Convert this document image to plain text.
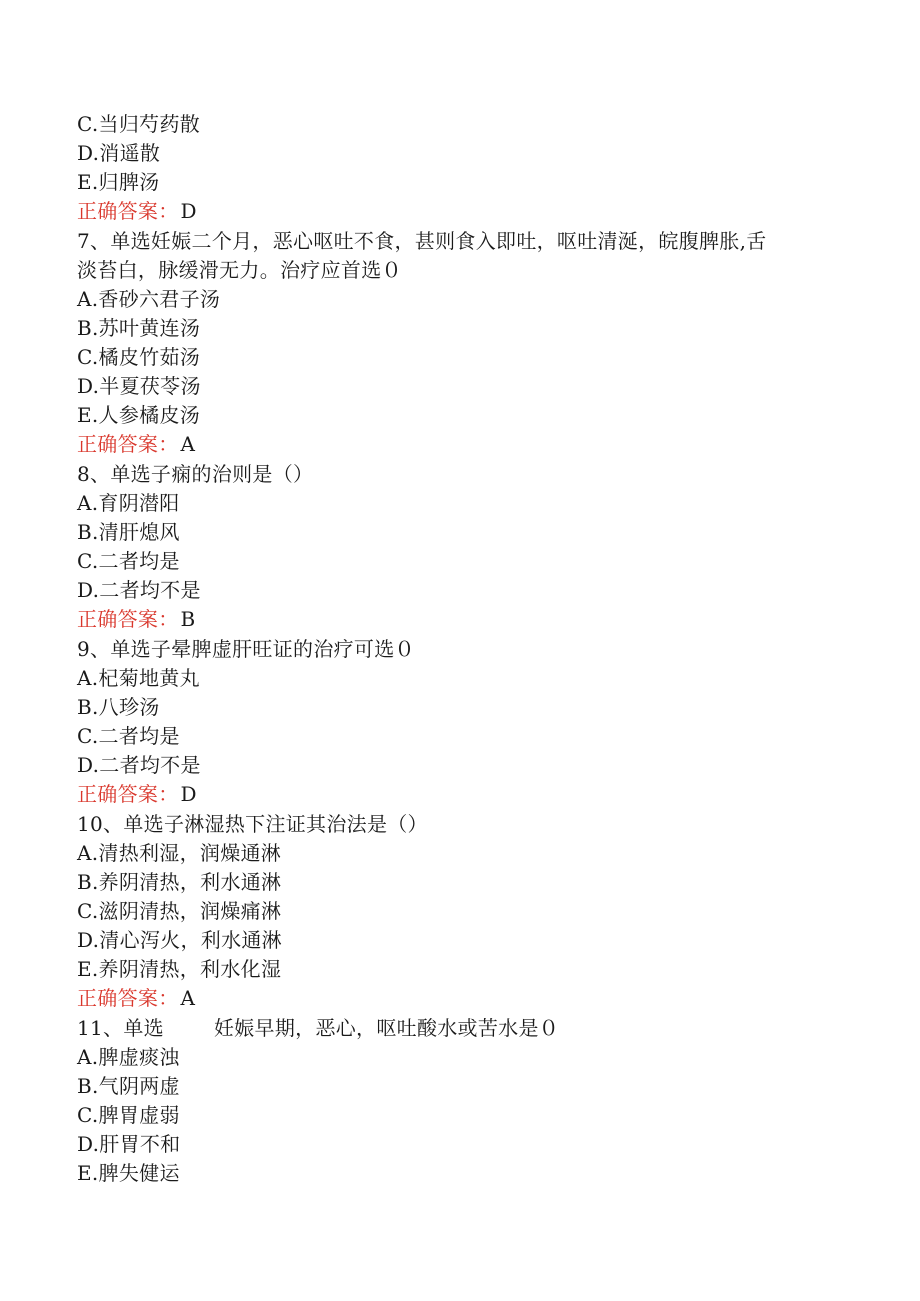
C.当归芍药散
D.消遥散
E.归脾汤
正确答案： D
7、单选妊娠二个月，恶心呕吐不食，甚则食入即吐，呕吐清涎，皖腹脾胀,舌
淡苔白，脉缓滑无力。治疗应首选０
A.香砂六君子汤
B.苏叶黄连汤
C.橘皮竹茹汤
D.半夏茯苓汤
E.人参橘皮汤
正确答案： A
8、单选子痫的治则是（）
A.育阴潜阳
B.清肝熄风
C.二者均是
D.二者均不是
正确答案： B
9、单选子晕脾虚肝旺证的治疗可选０
A.杞菊地黄丸
B.八珍汤
C.二者均是
D.二者均不是
正确答案： D
10、单选子淋湿热下注证其治法是（）
A.清热利湿，润燥通淋
B.养阴清热，利水通淋
C.滋阴清热，润燥痛淋
D.清心泻火，利水通淋
E.养阴清热，利水化湿
正确答案： A
11、单选	妊娠早期，恶心，呕吐酸水或苦水是０
A.脾虚痰浊
B.气阴两虚
C.脾胃虚弱
D.肝胃不和
E.脾失健运
